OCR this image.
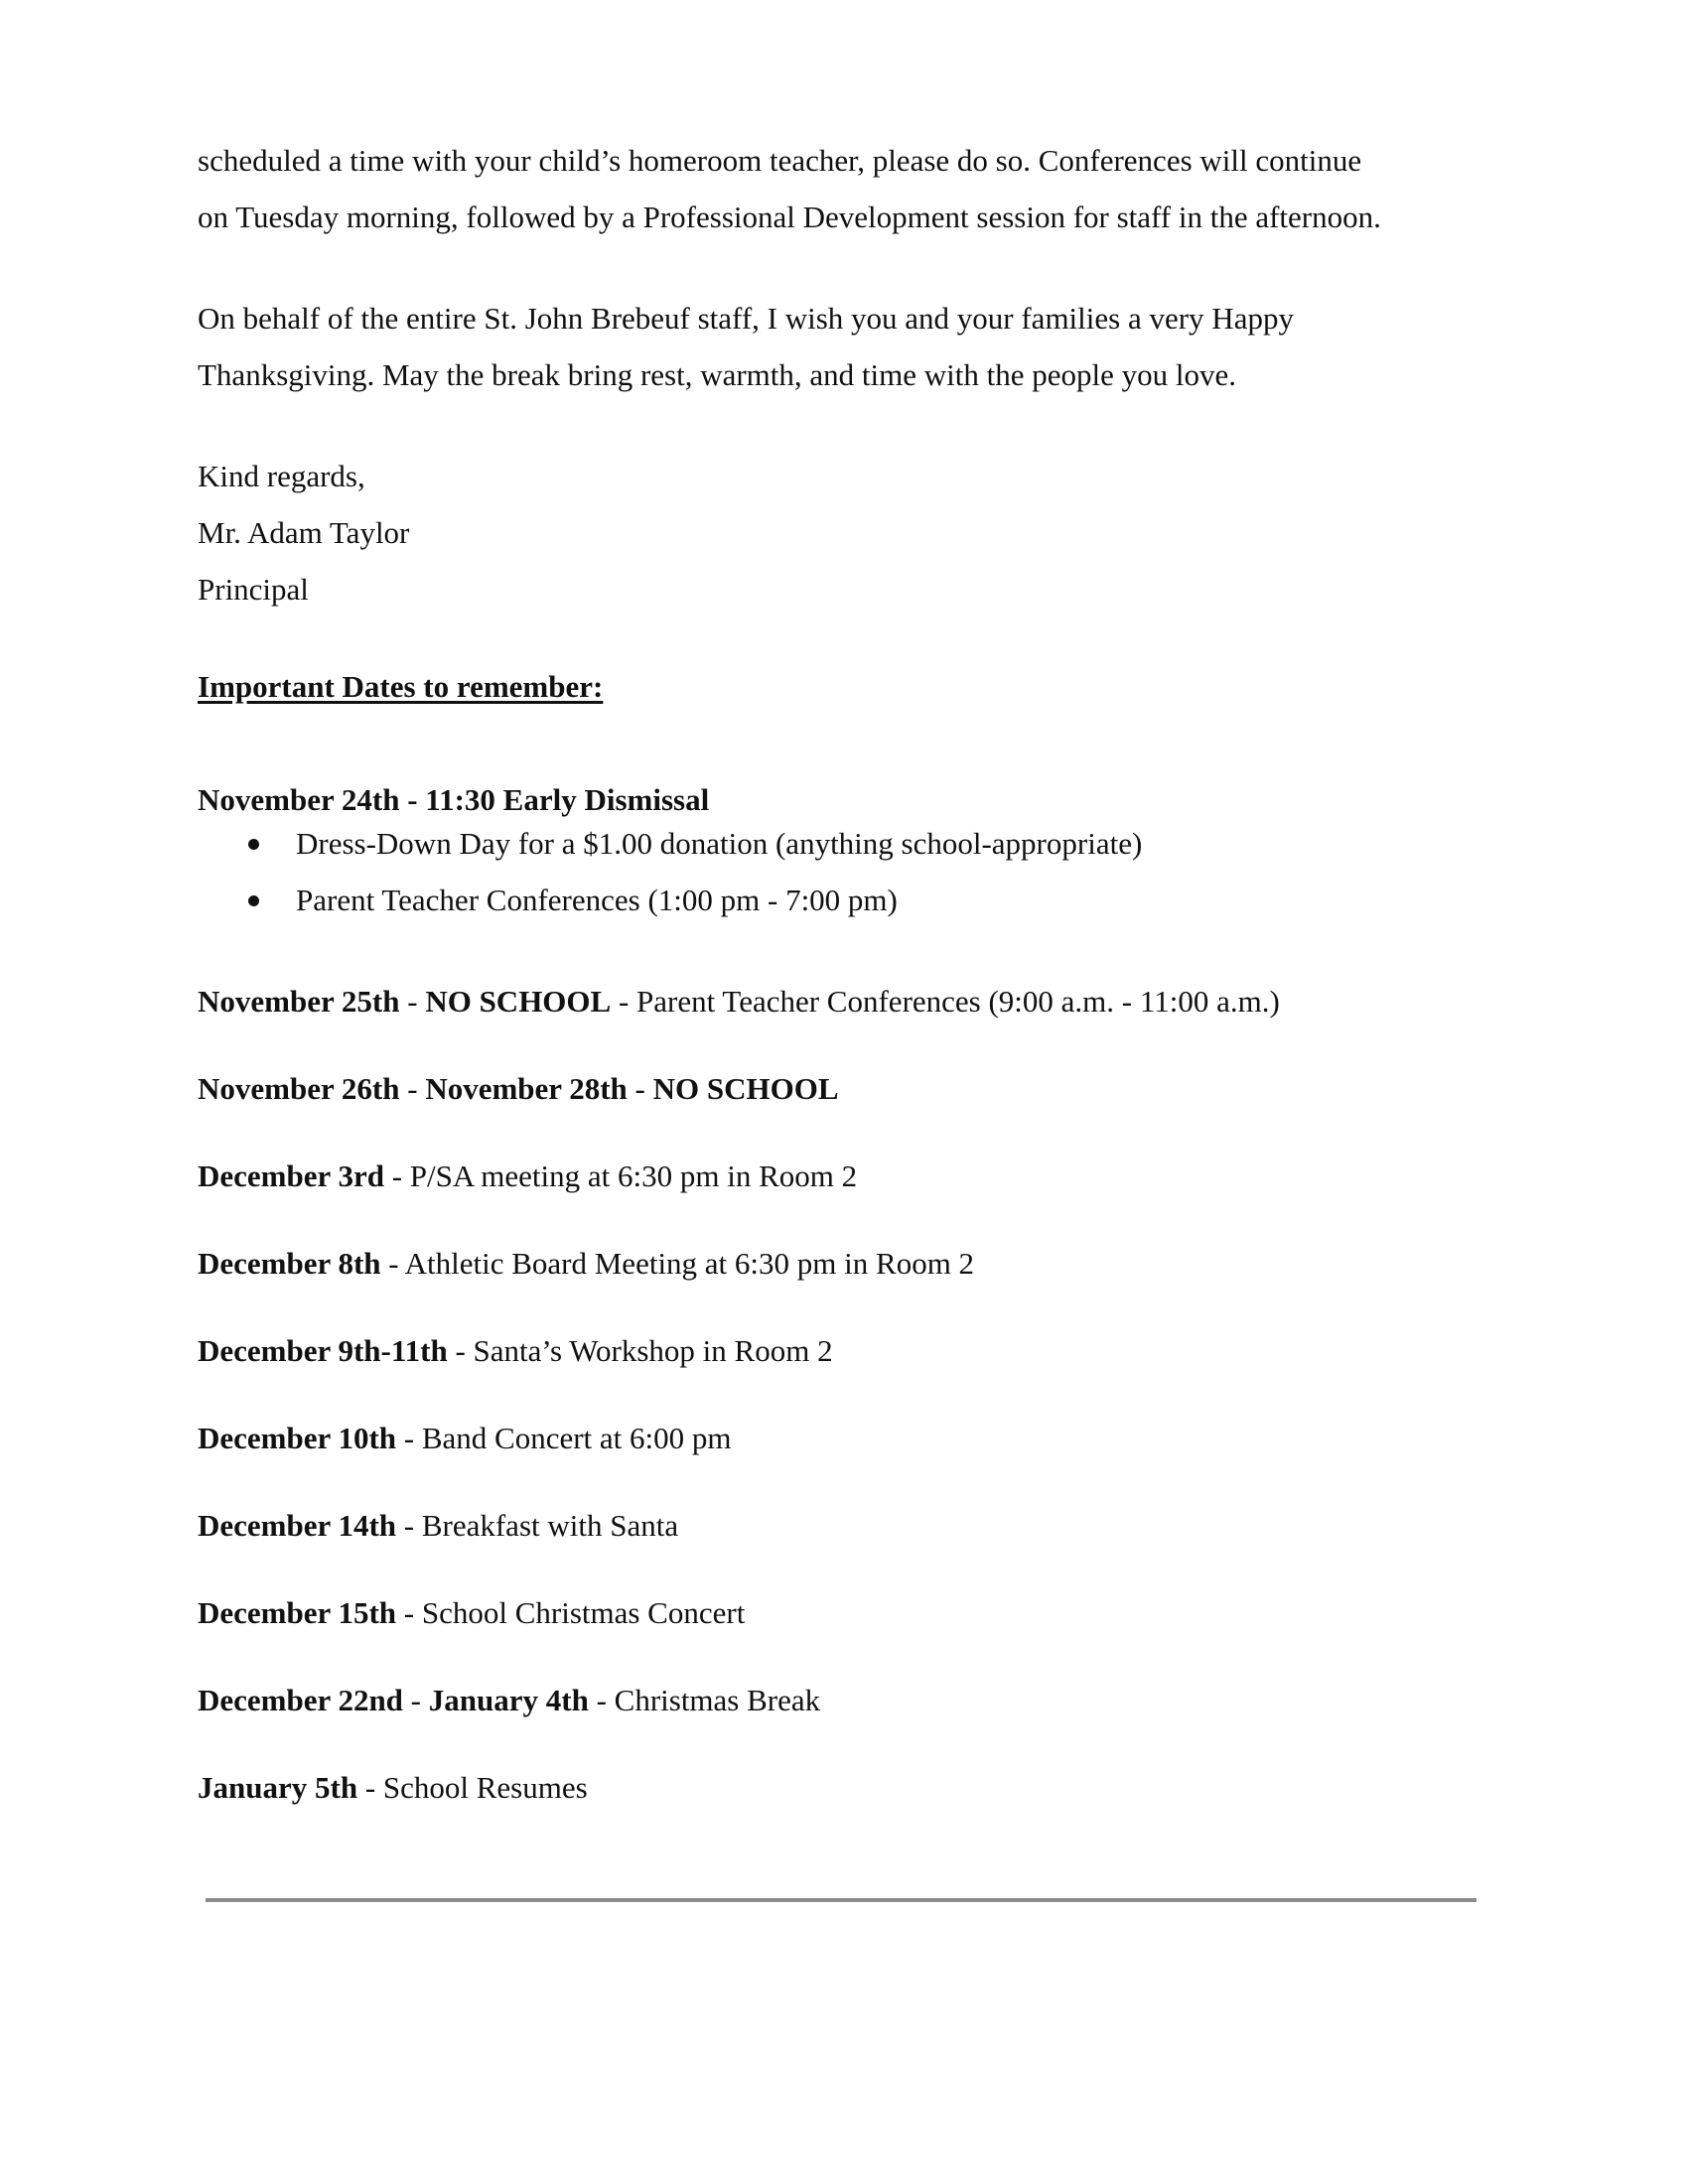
scheduled a time with your child’s homeroom teacher, please do so. Conferences will continue
on Tuesday morning, followed by a Professional Development session for staff in the afternoon.
On behalf of the entire St. John Brebeuf staff, I wish you and your families a very Happy
Thanksgiving. May the break bring rest, warmth, and time with the people you love.
Kind regards,
Mr. Adam Taylor
Principal
Important Dates to remember:
November 24th - 11:30 Early Dismissal
Dress-Down Day for a $1.00 donation (anything school-appropriate)
Parent Teacher Conferences (1:00 pm - 7:00 pm)
November 25th - NO SCHOOL - Parent Teacher Conferences (9:00 a.m. - 11:00 a.m.)
November 26th - November 28th - NO SCHOOL
December 3rd - P/SA meeting at 6:30 pm in Room 2
December 8th - Athletic Board Meeting at 6:30 pm in Room 2
December 9th-11th - Santa’s Workshop in Room 2
December 10th - Band Concert at 6:00 pm
December 14th - Breakfast with Santa
December 15th - School Christmas Concert
December 22nd - January 4th - Christmas Break
January 5th - School Resumes
